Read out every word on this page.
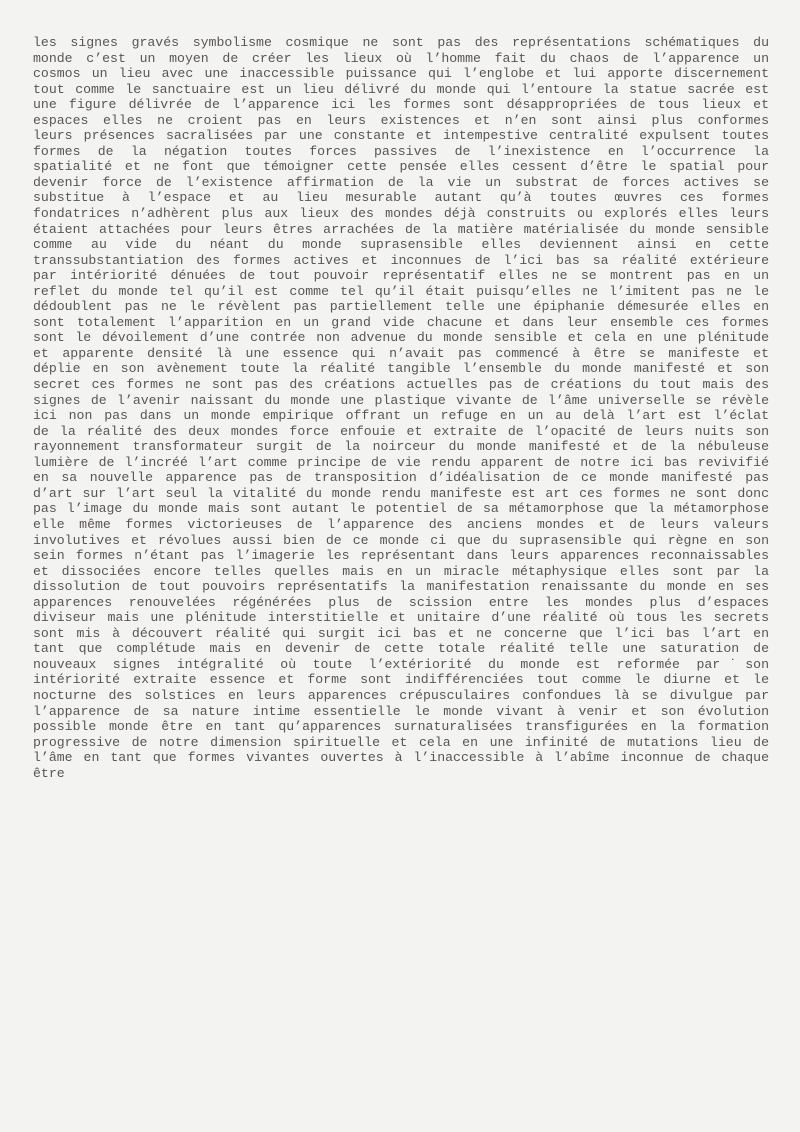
les signes gravés symbolisme cosmique ne sont pas des représentations schématiques du
monde c’est un moyen de créer les lieux où l’homme fait du chaos de l’apparence un
cosmos un lieu avec une inaccessible puissance qui l’englobe et lui apporte discernement
tout comme le sanctuaire est un lieu délivré du monde qui l’entoure la statue sacrée est
une figure délivrée de l’apparence ici les formes sont désappropriées de tous lieux et
espaces elles ne croient pas en leurs existences et n’en sont ainsi plus conformes
leurs présences sacralisées par une constante et intempestive centralité expulsent toutes
formes de la négation toutes forces passives de l’inexistence en l’occurrence la
spatialité et ne font que témoigner cette pensée elles cessent d’être le spatial pour
devenir force de l’existence affirmation de la vie un substrat de forces actives se
substitue à l’espace et au lieu mesurable autant qu’à toutes œuvres ces formes
fondatrices n’adhèrent plus aux lieux des mondes déjà construits ou explorés elles leurs
étaient attachées pour leurs êtres arrachées de la matière matérialisée du monde sensible
comme au vide du néant du monde suprasensible elles deviennent ainsi en cette
transsubstantiation des formes actives et inconnues de l’ici bas sa réalité extérieure
par intériorité dénuées de tout pouvoir représentatif elles ne se montrent pas en un
reflet du monde tel qu’il est comme tel qu’il était puisqu’elles ne l’imitent pas ne le
dédoublent pas ne le révèlent pas partiellement telle une épiphanie démesurée elles en
sont totalement l’apparition en un grand vide chacune et dans leur ensemble ces formes
sont le dévoilement d’une contrée non advenue du monde sensible et cela en une plénitude
et apparente densité là une essence qui n’avait pas commencé à être se manifeste et
déplie en son avènement toute la réalité tangible l’ensemble du monde manifesté et son
secret ces formes ne sont pas des créations actuelles pas de créations du tout mais des
signes de l’avenir naissant du monde une plastique vivante de l’âme universelle se révèle
ici non pas dans un monde empirique offrant un refuge en un au delà l’art est l’éclat
de la réalité des deux mondes force enfouie et extraite de l’opacité de leurs nuits son
rayonnement transformateur surgit de la noirceur du monde manifesté et de la nébuleuse
lumière de l’incréé l’art comme principe de vie rendu apparent de notre ici bas revivifié
en sa nouvelle apparence pas de transposition d’idéalisation de ce monde manifesté pas
d’art sur l’art seul la vitalité du monde rendu manifeste est art ces formes ne sont donc
pas l’image du monde mais sont autant le potentiel de sa métamorphose que la métamorphose
elle même formes victorieuses de l’apparence des anciens mondes et de leurs valeurs
involutives et révolues aussi bien de ce monde ci que du suprasensible qui règne en son
sein formes n’étant pas l’imagerie les représentant dans leurs apparences reconnaissables
et dissociées encore telles quelles mais en un miracle métaphysique elles sont par la
dissolution de tout pouvoirs représentatifs la manifestation renaissante du monde en ses
apparences renouvelées régénérées plus de scission entre les mondes plus d’espaces
diviseur mais une plénitude interstitielle et unitaire d’une réalité où tous les secrets
sont mis à découvert réalité qui surgit ici bas et ne concerne que l’ici bas l’art en
tant que complétude mais en devenir de cette totale réalité telle une saturation de
nouveaux signes intégralité où toute l’extériorité du monde est reformée par˙son
intériorité extraite essence et forme sont indifférenciées tout comme le diurne et le
nocturne des solstices en leurs apparences crépusculaires confondues là se divulgue par
l’apparence de sa nature intime essentielle le monde vivant à venir et son évolution
possible monde être en tant qu’apparences surnaturalisées transfigurées en la formation
progressive de notre dimension spirituelle et cela en une infinité de mutations lieu de
l’âme en tant que formes vivantes ouvertes à l’inaccessible à l’abîme inconnue de chaque
être
